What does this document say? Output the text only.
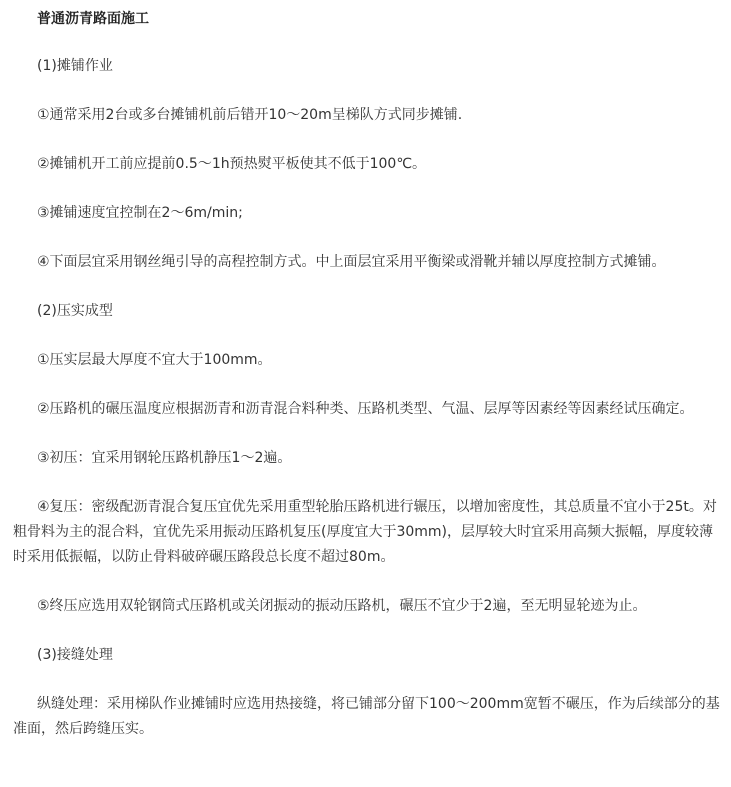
普通沥青路面施工

(1)摊铺作业

①通常采用2台或多台摊铺机前后错开10～20m呈梯队方式同步摊铺.

②摊铺机开工前应提前0.5～1h预热熨平板使其不低于100℃。

③摊铺速度宜控制在2～6m/min;

④下面层宜采用钢丝绳引导的高程控制方式。中上面层宜采用平衡梁或滑靴并辅以厚度控制方式摊铺。

(2)压实成型

①压实层最大厚度不宜大于100mm。

②压路机的碾压温度应根据沥青和沥青混合料种类、压路机类型、气温、层厚等因素经等因素经试压确定。

③初压：宜采用钢轮压路机静压1～2遍。

④复压：密级配沥青混合复压宜优先采用重型轮胎压路机进行辗压，以增加密度性，其总质量不宜小于25t。对粗骨料为主的混合料，宜优先采用振动压路机复压(厚度宜大于30mm)，层厚较大时宜采用高频大振幅，厚度较薄时采用低振幅，以防止骨料破碎碾压路段总长度不超过80m。

⑤终压应选用双轮钢筒式压路机或关闭振动的振动压路机，碾压不宜少于2遍，至无明显轮迹为止。

(3)接缝处理

纵缝处理：采用梯队作业摊铺时应选用热接缝，将已铺部分留下100～200mm宽暂不碾压，作为后续部分的基准面，然后跨缝压实。
